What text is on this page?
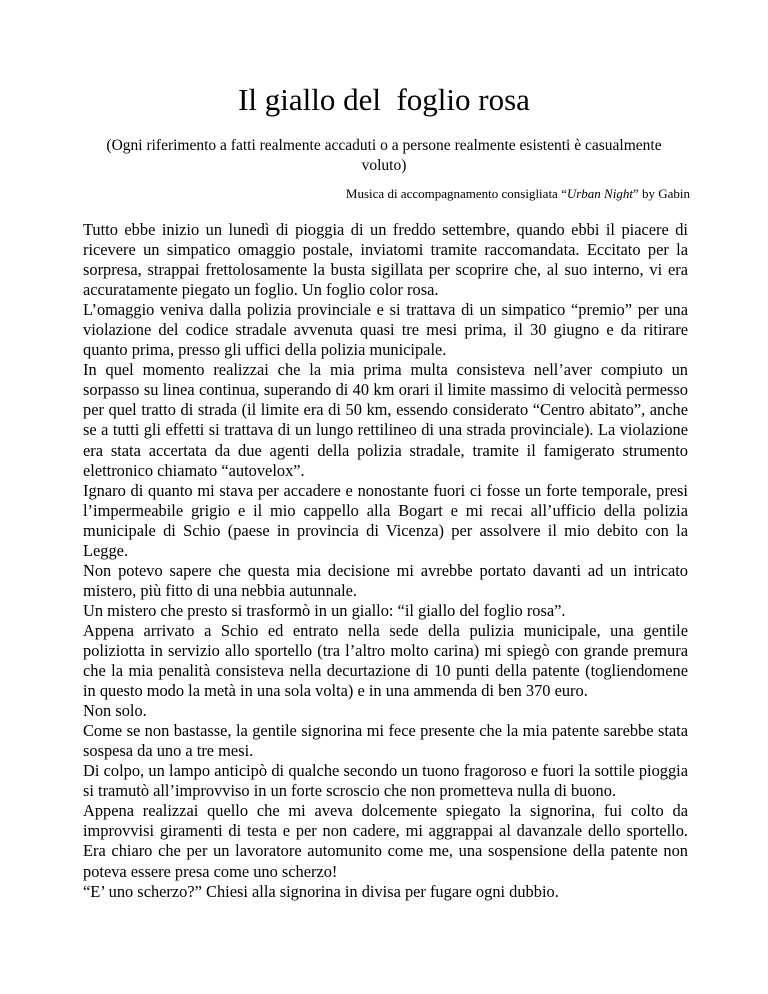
Il giallo del  foglio rosa
(Ogni riferimento a fatti realmente accaduti o a persone realmente esistenti è casualmente voluto)
Musica di accompagnamento consigliata “Urban Night” by Gabin

Tutto ebbe inizio un lunedì di pioggia di un freddo settembre, quando ebbi il piacere di ricevere un simpatico omaggio postale, inviatomi tramite raccomandata. Eccitato per la sorpresa, strappai frettolosamente la busta sigillata per scoprire che, al suo interno, vi era accuratamente piegato un foglio. Un foglio color rosa.

L’omaggio veniva dalla polizia provinciale e si trattava di un simpatico “premio” per una violazione del codice stradale avvenuta quasi tre mesi prima, il 30 giugno e da ritirare quanto prima, presso gli uffici della polizia municipale.

In quel momento realizzai che la mia prima multa consisteva nell’aver compiuto un sorpasso su linea continua, superando di 40 km orari il limite massimo di velocità permesso per quel tratto di strada (il limite era di 50 km, essendo considerato “Centro abitato”, anche se a tutti gli effetti si trattava di un lungo rettilineo di una strada provinciale). La violazione era stata accertata da due agenti della polizia stradale, tramite il famigerato strumento elettronico chiamato “autovelox”.

Ignaro di quanto mi stava per accadere e nonostante fuori ci fosse un forte temporale, presi l’impermeabile grigio e il mio cappello alla Bogart e mi recai all’ufficio della polizia municipale di Schio (paese in provincia di Vicenza) per assolvere il mio debito con la Legge.

Non potevo sapere che questa mia decisione mi avrebbe portato davanti ad un intricato mistero, più fitto di una nebbia autunnale.

Un mistero che presto si trasformò in un giallo: “il giallo del foglio rosa”.

Appena arrivato a Schio ed entrato nella sede della pulizia municipale, una gentile poliziotta in servizio allo sportello (tra l’altro molto carina) mi spiegò con grande premura che la mia penalità consisteva nella decurtazione di 10 punti della patente (togliendomene in questo modo la metà in una sola volta) e in una ammenda di ben 370 euro.

Non solo.

Come se non bastasse, la gentile signorina mi fece presente che la mia patente sarebbe stata sospesa da uno a tre mesi.

Di colpo, un lampo anticipò di qualche secondo un tuono fragoroso e fuori la sottile pioggia si tramutò all’improvviso in un forte scroscio che non prometteva nulla di buono.

Appena realizzai quello che mi aveva dolcemente spiegato la signorina, fui colto da improvvisi giramenti di testa e per non cadere, mi aggrappai al davanzale dello sportello. Era chiaro che per un lavoratore automunito come me, una sospensione della patente non poteva essere presa come uno scherzo!

“E’ uno scherzo?” Chiesi alla signorina in divisa per fugare ogni dubbio.
